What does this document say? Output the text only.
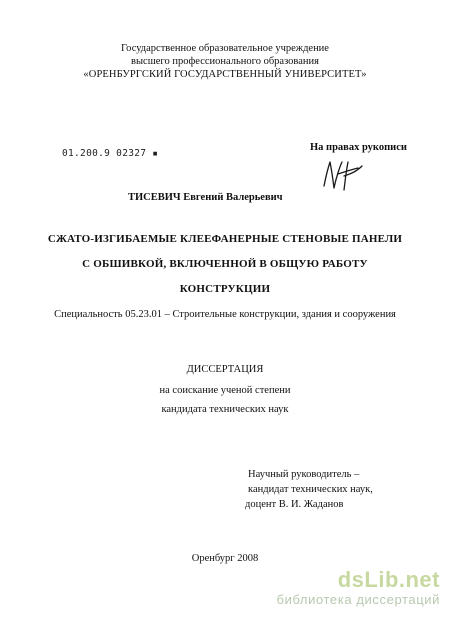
Государственное образовательное учреждение
высшего профессионального образования
«ОРЕНБУРГСКИЙ ГОСУДАРСТВЕННЫЙ УНИВЕРСИТЕТ»
На правах рукописи
01.200.9 02327 ▪
ТИСЕВИЧ Евгений Валерьевич
СЖАТО-ИЗГИБАЕМЫЕ КЛЕЕФАНЕРНЫЕ СТЕНОВЫЕ ПАНЕЛИ
С ОБШИВКОЙ, ВКЛЮЧЕННОЙ В ОБЩУЮ РАБОТУ
КОНСТРУКЦИИ
Специальность 05.23.01 – Строительные конструкции, здания и сооружения
ДИССЕРТАЦИЯ
на соискание ученой степени
кандидата технических наук
Научный руководитель –
кандидат технических наук,
доцент В. И. Жаданов
Оренбург 2008
dsLib.net
библиотека диссертаций
